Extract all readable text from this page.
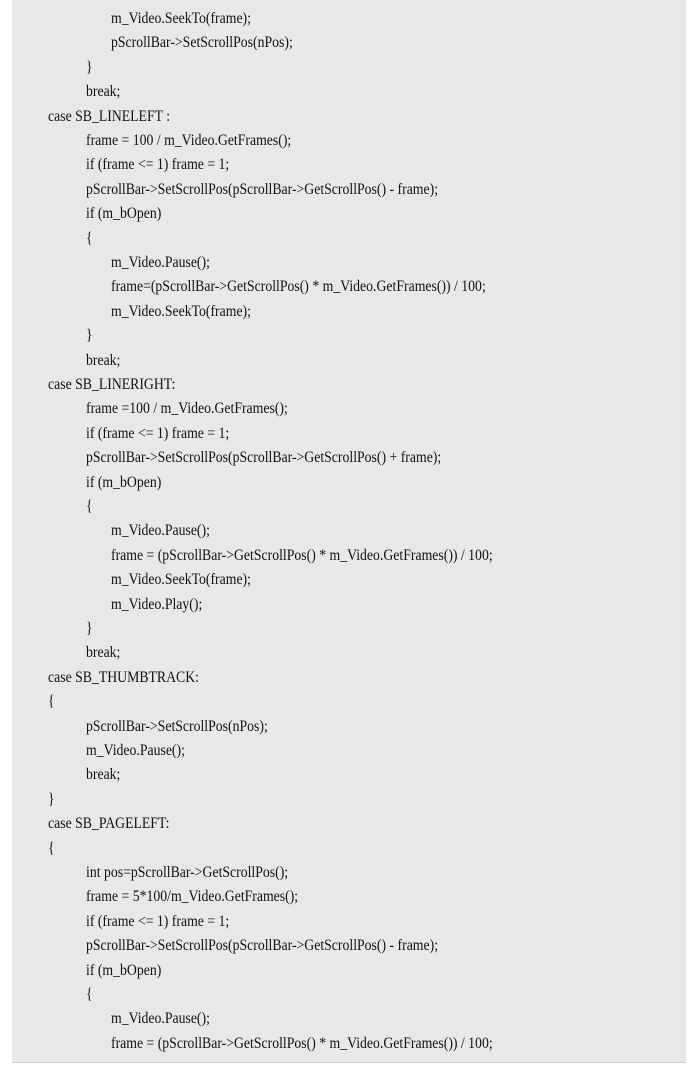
m_Video.SeekTo(frame);
pScrollBar->SetScrollPos(nPos);
}
break;
case SB_LINELEFT :
frame = 100 / m_Video.GetFrames();
if (frame <= 1) frame = 1;
pScrollBar->SetScrollPos(pScrollBar->GetScrollPos() - frame);
if (m_bOpen)
{
m_Video.Pause();
frame=(pScrollBar->GetScrollPos() * m_Video.GetFrames()) / 100;
m_Video.SeekTo(frame);
}
break;
case SB_LINERIGHT:
frame =100 / m_Video.GetFrames();
if (frame <= 1) frame = 1;
pScrollBar->SetScrollPos(pScrollBar->GetScrollPos() + frame);
if (m_bOpen)
{
m_Video.Pause();
frame = (pScrollBar->GetScrollPos() * m_Video.GetFrames()) / 100;
m_Video.SeekTo(frame);
m_Video.Play();
}
break;
case SB_THUMBTRACK:
{
pScrollBar->SetScrollPos(nPos);
m_Video.Pause();
break;
}
case SB_PAGELEFT:
{
int pos=pScrollBar->GetScrollPos();
frame = 5*100/m_Video.GetFrames();
if (frame <= 1) frame = 1;
pScrollBar->SetScrollPos(pScrollBar->GetScrollPos() - frame);
if (m_bOpen)
{
m_Video.Pause();
frame = (pScrollBar->GetScrollPos() * m_Video.GetFrames()) / 100;
